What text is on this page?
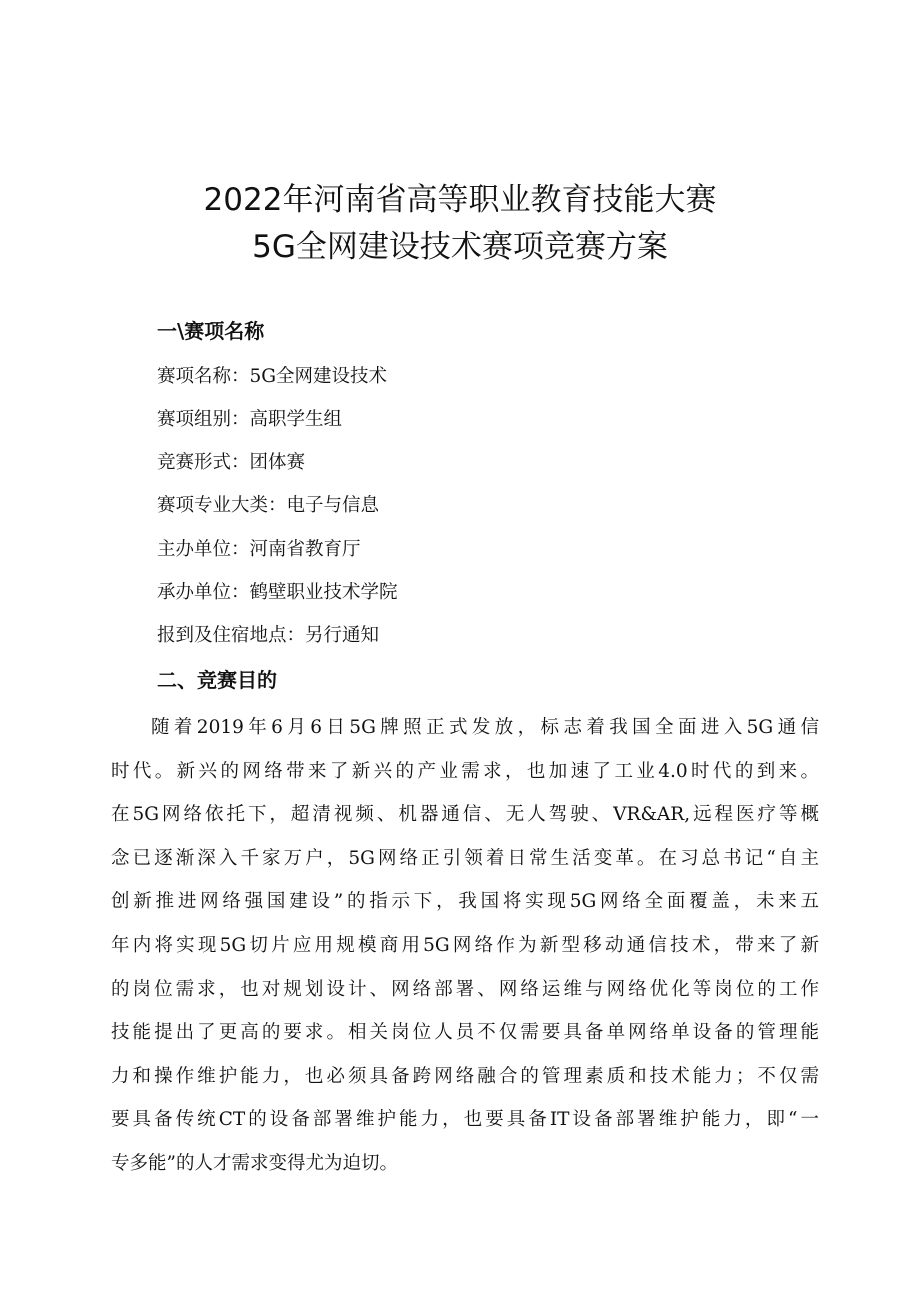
2022年河南省高等职业教育技能大赛
5G全网建设技术赛项竞赛方案
一\赛项名称
赛项名称：5G全网建设技术
赛项组别：高职学生组
竞赛形式：团体赛
赛项专业大类：电子与信息
主办单位：河南省教育厅
承办单位：鹤壁职业技术学院
报到及住宿地点：另行通知
二、竞赛目的
随着2019年6月6日5G牌照正式发放，标志着我国全面进入5G通信
时代。新兴的网络带来了新兴的产业需求，也加速了工业4.0时代的到来。
在5G网络依托下，超清视频、机器通信、无人驾驶、VR&AR,远程医疗等概
念已逐渐深入千家万户，5G网络正引领着日常生活变革。在习总书记“自主
创新推进网络强国建设”的指示下，我国将实现5G网络全面覆盖，未来五
年内将实现5G切片应用规模商用5G网络作为新型移动通信技术，带来了新
的岗位需求，也对规划设计、网络部署、网络运维与网络优化等岗位的工作
技能提出了更高的要求。相关岗位人员不仅需要具备单网络单设备的管理能
力和操作维护能力，也必须具备跨网络融合的管理素质和技术能力；不仅需
要具备传统CT的设备部署维护能力，也要具备IT设备部署维护能力，即“一
专多能”的人才需求变得尤为迫切。
